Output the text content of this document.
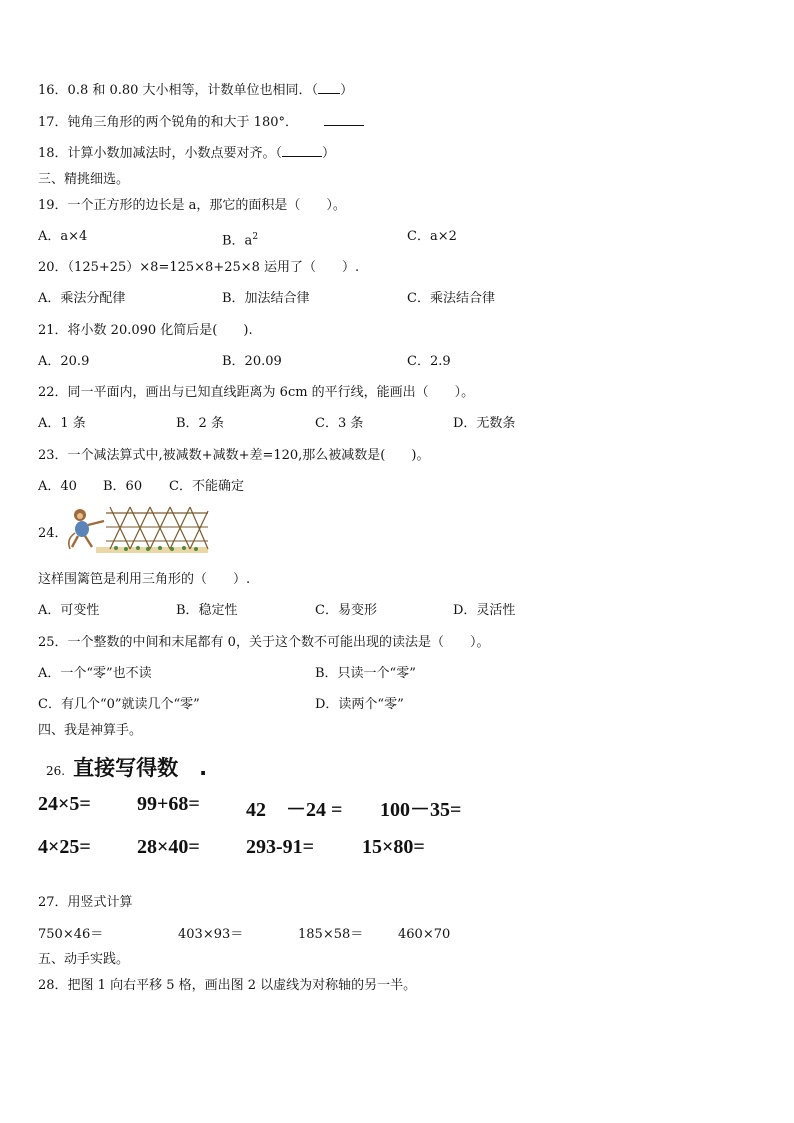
16．0.8 和 0.80 大小相等，计数单位也相同．（ ）
17．钝角三角形的两个锐角的和大于 180°．
18．计算小数加减法时，小数点要对齐。（	）
三、精挑细选。
19．一个正方形的边长是 a，那它的面积是（　　）。
A．a×4	B．$a^2$	C．a×2
20．（125+25）×8=125×8+25×8 运用了（　　）.
A．乘法分配律	B．加法结合律	C．乘法结合律
21．将小数 20.090 化简后是(　　).
A．20.9	B．20.09	C．2.9
22．同一平面内，画出与已知直线距离为 6cm 的平行线，能画出（　　）。
A．1 条	B．2 条	C．3 条	D．无数条
23．一个减法算式中,被减数+减数+差=120,那么被减数是(　　)。
A．40 B．60 C．不能确定
24．
这样围篱笆是利用三角形的（　　）.
A．可变性	B．稳定性	C．易变形	D．灵活性
25．一个整数的中间和末尾都有 0，关于这个数不可能出现的读法是（　　）。
A．一个“零”也不读	B．只读一个“零”
C．有几个“0”就读几个“零”	D．读两个“零”
四、我是神算手。
26. 直接写得数　.
24×5= 99+68= 42　－24 = 100－35=
4×25= 28×40= 293-91= 15×80=
27．用竖式计算
750×46＝	403×93＝	185×58＝	460×70
五、动手实践。
28．把图 1 向右平移 5 格，画出图 2 以虚线为对称轴的另一半。
